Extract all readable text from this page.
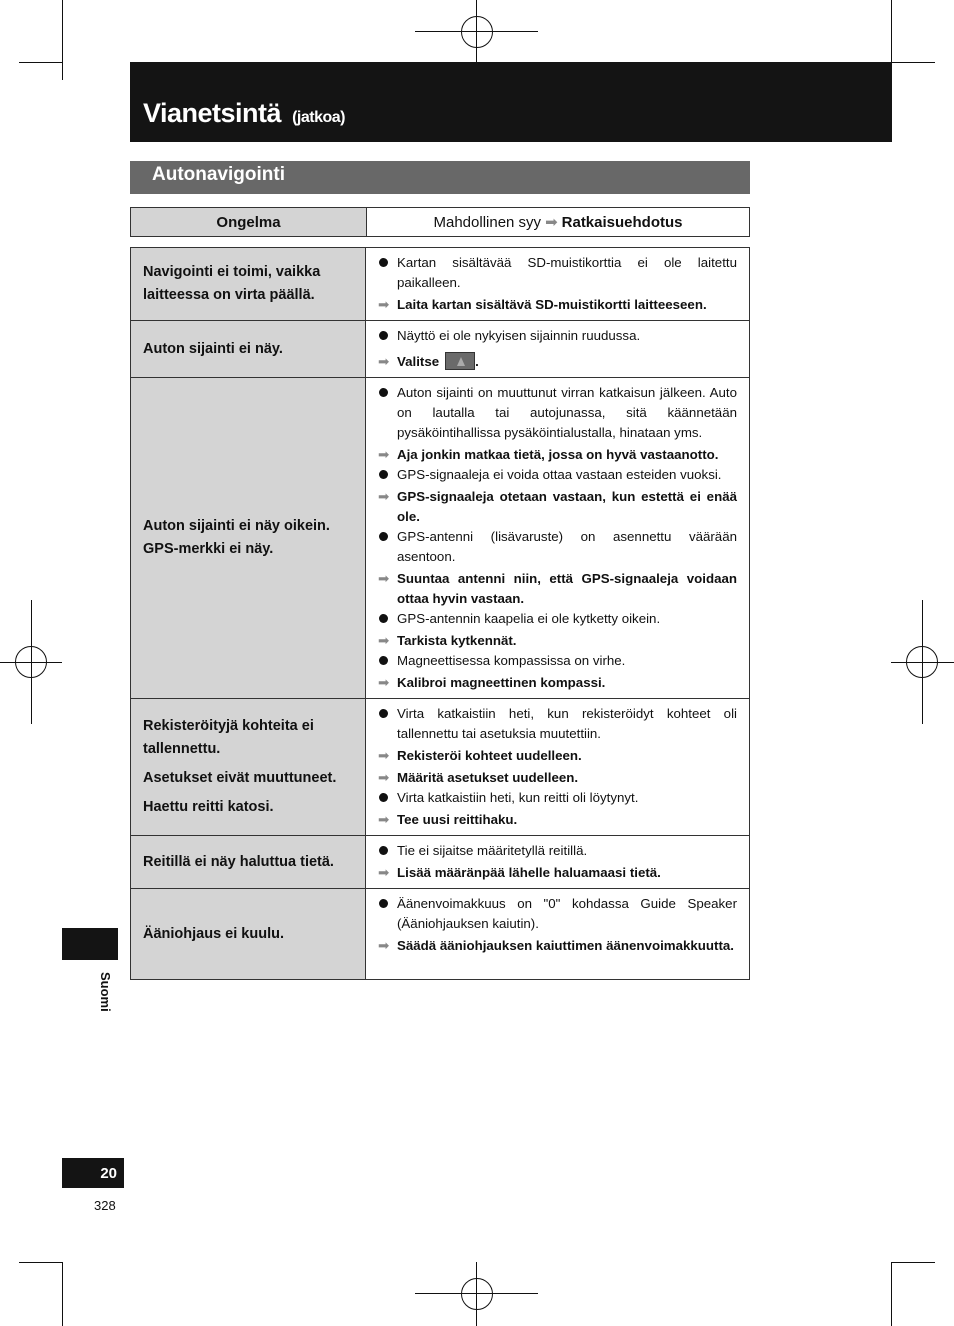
Vianetsintä (jatkoa)
Autonavigointi
Ongelma	Mahdollinen syy ➡ Ratkaisuehdotus

Navigointi ei toimi, vaikka laitteessa on virta päällä.

Kartan sisältävää SD-muistikorttia ei ole laitettu paikalleen.
➡ Laita kartan sisältävä SD-muistikortti laitteeseen.

Auton sijainti ei näy.

Näyttö ei ole nykyisen sijainnin ruudussa.
➡ Valitse	.

Auton sijainti ei näy oikein.

GPS-merkki ei näy.

Auton sijainti on muuttunut virran katkaisun jälkeen. Auto on lautalla tai autojunassa, sitä käännetään pysäköintihallissa pysäköintialustalla, hinataan yms.
➡ Aja jonkin matkaa tietä, jossa on hyvä vastaanotto.
GPS-signaaleja ei voida ottaa vastaan esteiden vuoksi.
➡ GPS-signaaleja otetaan vastaan, kun estettä ei enää ole.
GPS-antenni (lisävaruste) on asennettu väärään asentoon.
➡ Suuntaa antenni niin, että GPS-signaaleja voidaan ottaa hyvin vastaan.
GPS-antennin kaapelia ei ole kytketty oikein.
➡ Tarkista kytkennät.
Magneettisessa kompassissa on virhe.
➡ Kalibroi magneettinen kompassi.

Rekisteröityjä kohteita ei tallennettu.

Asetukset eivät muuttuneet.

Haettu reitti katosi.

Virta katkaistiin heti, kun rekisteröidyt kohteet oli tallennettu tai asetuksia muutettiin.
➡ Rekisteröi kohteet uudelleen.
➡ Määritä asetukset uudelleen.
Virta katkaistiin heti, kun reitti oli löytynyt.
➡ Tee uusi reittihaku.

Reitillä ei näy haluttua tietä.

Tie ei sijaitse määritetyllä reitillä.
➡ Lisää määränpää lähelle haluamaasi tietä.

Ääniohjaus ei kuulu.

Äänenvoimakkuus on "0" kohdassa Guide Speaker (Ääniohjauksen kaiutin).
➡ Säädä ääniohjauksen kaiuttimen äänenvoimakkuutta.
Suomi
20
328
